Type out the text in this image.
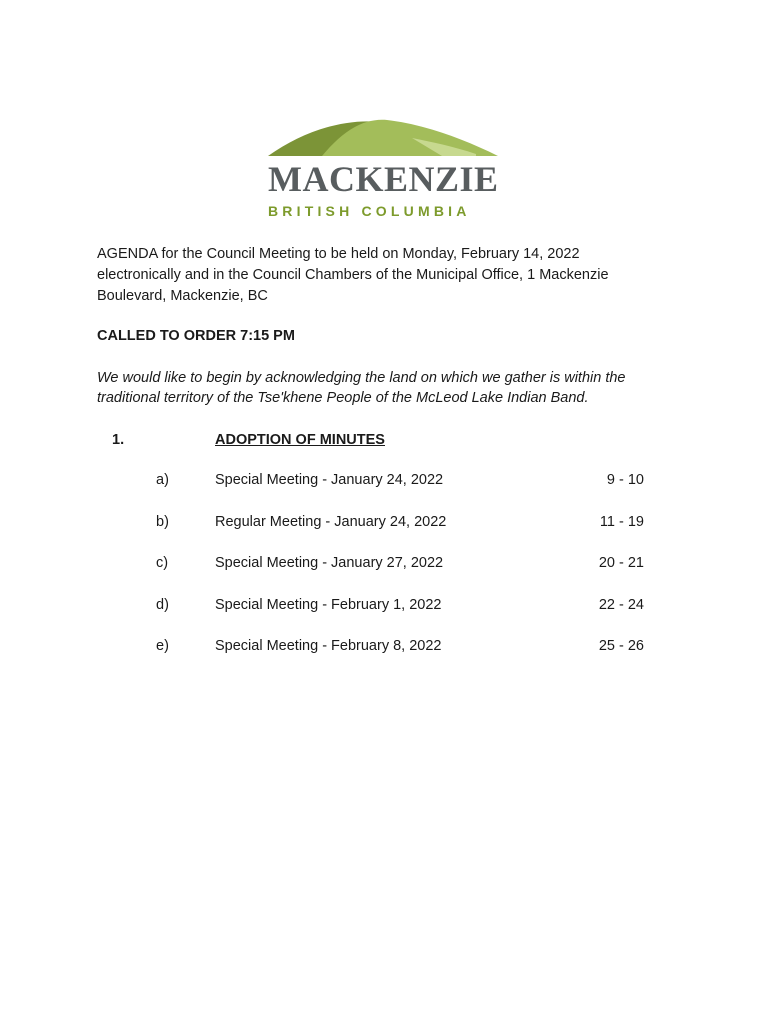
MACKENZIE
BRITISH COLUMBIA

AGENDA for the Council Meeting to be held on Monday, February 14, 2022 electronically and in the Council Chambers of the Municipal Office, 1 Mackenzie Boulevard, Mackenzie, BC

CALLED TO ORDER 7:15 PM

We would like to begin by acknowledging the land on which we gather is within the traditional territory of the Tse'khene People of the McLeod Lake Indian Band.

1.	ADOPTION OF MINUTES
a)	Special Meeting - January 24, 2022	9 - 10
b)	Regular Meeting - January 24, 2022	11 - 19
c)	Special Meeting - January 27, 2022	20 - 21
d)	Special Meeting - February 1, 2022	22 - 24
e)	Special Meeting - February 8, 2022	25 - 26
